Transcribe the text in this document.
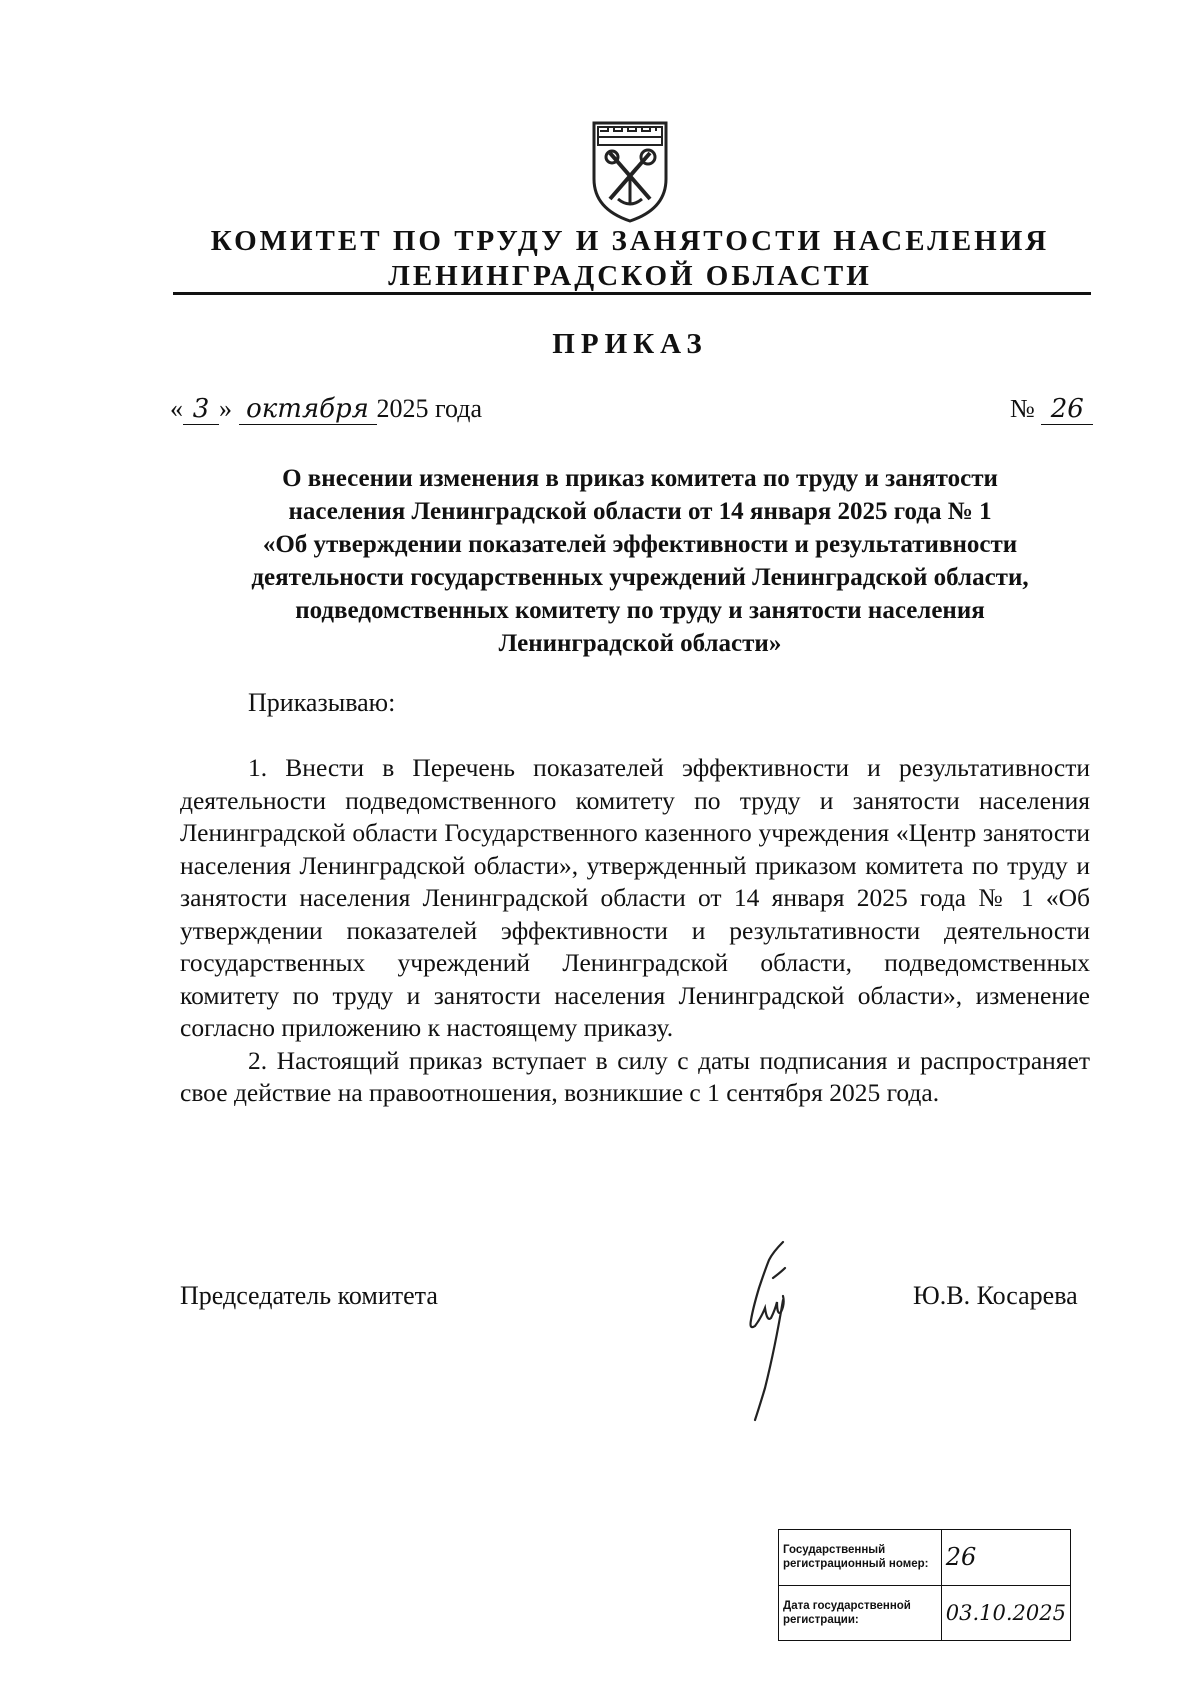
КОМИТЕТ ПО ТРУДУ И ЗАНЯТОСТИ НАСЕЛЕНИЯ
ЛЕНИНГРАДСКОЙ ОБЛАСТИ
ПРИКАЗ
« 3 » октября 2025 года	№ 26
О внесении изменения в приказ комитета по труду и занятости
населения Ленинградской области от 14 января 2025 года № 1
«Об утверждении показателей эффективности и результативности
деятельности государственных учреждений Ленинградской области,
подведомственных комитету по труду и занятости населения
Ленинградской области»
Приказываю:

1. Внести в Перечень показателей эффективности и результативности деятельности подведомственного комитету по труду и занятости населения Ленинградской области Государственного казенного учреждения «Центр занятости населения Ленинградской области», утвержденный приказом комитета по труду и занятости населения Ленинградской области от 14 января 2025 года № 1 «Об утверждении показателей эффективности и результативности деятельности государственных учреждений Ленинградской области, подведомственных комитету по труду и занятости населения Ленинградской области», изменение согласно приложению к настоящему приказу.

2. Настоящий приказ вступает в силу с даты подписания и распространяет свое действие на правоотношения, возникшие с 1 сентября 2025 года.

Председатель комитета	Ю.В. Косарева
Государственный регистрационный номер:	26
Дата государственной регистрации:	03.10.2025
